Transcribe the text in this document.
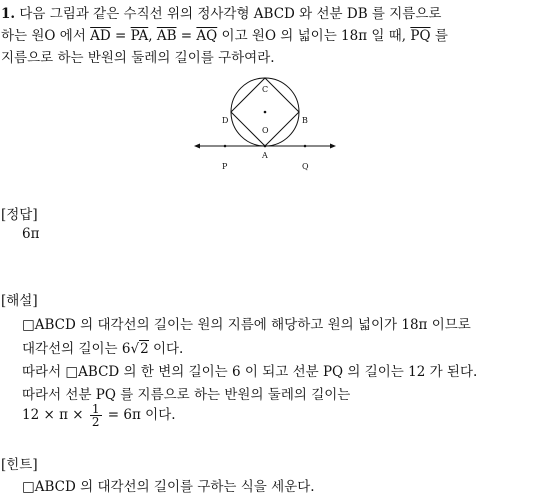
1. 다음 그림과 같은 수직선 위의 정사각형 ABCD 와 선분 DB 를 지름으로
하는 원O 에서 $\overline{AD} = \overline{PA}$, $\overline{AB} = \overline{AQ}$ 이고 원O 의 넓이는 18π 일 때, $\overline{PQ}$ 를
지름으로 하는 반원의 둘레의 길이를 구하여라.
C
D	B
O
A
P	Q
[정답]
6π
[해설]
□ABCD 의 대각선의 길이는 원의 지름에 해당하고 원의 넓이가 18π 이므로
대각선의 길이는 6√2 이다.
따라서 □ABCD 의 한 변의 길이는 6 이 되고 선분 PQ 의 길이는 12 가 된다.
따라서 선분 PQ 를 지름으로 하는 반원의 둘레의 길이는
$12 \times \pi \times \frac{1}{2} = 6\pi$ 이다.
[힌트]
□ABCD 의 대각선의 길이를 구하는 식을 세운다.
